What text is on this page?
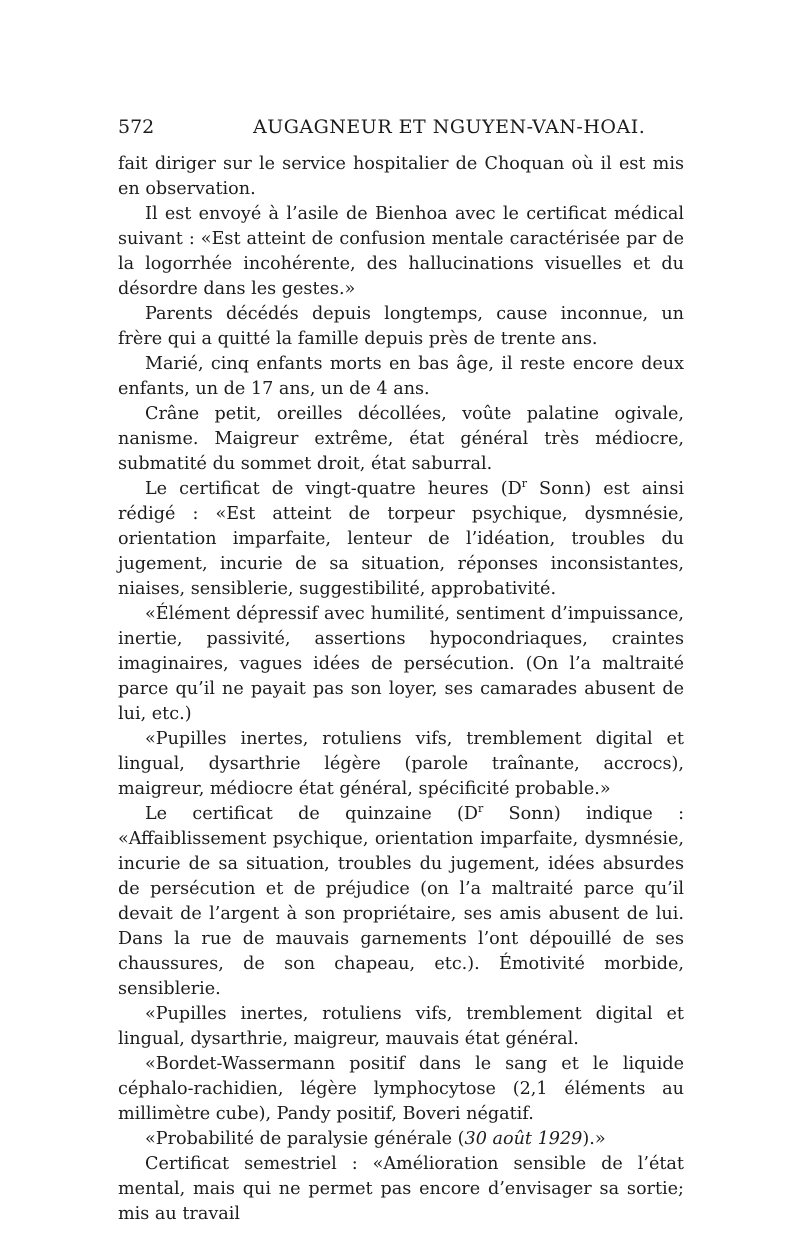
572	AUGAGNEUR ET NGUYEN-VAN-HOAI.

fait diriger sur le service hospitalier de Choquan où il est mis en observation.

Il est envoyé à l’asile de Bienhoa avec le certificat médical suivant : «Est atteint de confusion mentale caractérisée par de la logorrhée incohérente, des hallucinations visuelles et du désordre dans les gestes.»

Parents décédés depuis longtemps, cause inconnue, un frère qui a quitté la famille depuis près de trente ans.

Marié, cinq enfants morts en bas âge, il reste encore deux enfants, un de 17 ans, un de 4 ans.

Crâne petit, oreilles décollées, voûte palatine ogivale, nanisme. Maigreur extrême, état général très médiocre, submatité du sommet droit, état saburral.

Le certificat de vingt-quatre heures ($D^r$ Sonn) est ainsi rédigé : «Est atteint de torpeur psychique, dysmnésie, orientation imparfaite, lenteur de l’idéation, troubles du jugement, incurie de sa situation, réponses inconsistantes, niaises, sensiblerie, suggestibilité, approbativité.

«Élément dépressif avec humilité, sentiment d’impuissance, inertie, passivité, assertions hypocondriaques, craintes imaginaires, vagues idées de persécution. (On l’a maltraité parce qu’il ne payait pas son loyer, ses camarades abusent de lui, etc.)

«Pupilles inertes, rotuliens vifs, tremblement digital et lingual, dysarthrie légère (parole traînante, accrocs), maigreur, médiocre état général, spécificité probable.»

Le certificat de quinzaine ($D^r$ Sonn) indique : «Affaiblissement psychique, orientation imparfaite, dysmnésie, incurie de sa situation, troubles du jugement, idées absurdes de persécution et de préjudice (on l’a maltraité parce qu’il devait de l’argent à son propriétaire, ses amis abusent de lui. Dans la rue de mauvais garnements l’ont dépouillé de ses chaussures, de son chapeau, etc.). Émotivité morbide, sensiblerie.

«Pupilles inertes, rotuliens vifs, tremblement digital et lingual, dysarthrie, maigreur, mauvais état général.

«Bordet-Wassermann positif dans le sang et le liquide céphalo-rachidien, légère lymphocytose (2,1 éléments au millimètre cube), Pandy positif, Boveri négatif.

«Probabilité de paralysie générale (30 août 1929).»

Certificat semestriel : «Amélioration sensible de l’état mental, mais qui ne permet pas encore d’envisager sa sortie; mis au travail
